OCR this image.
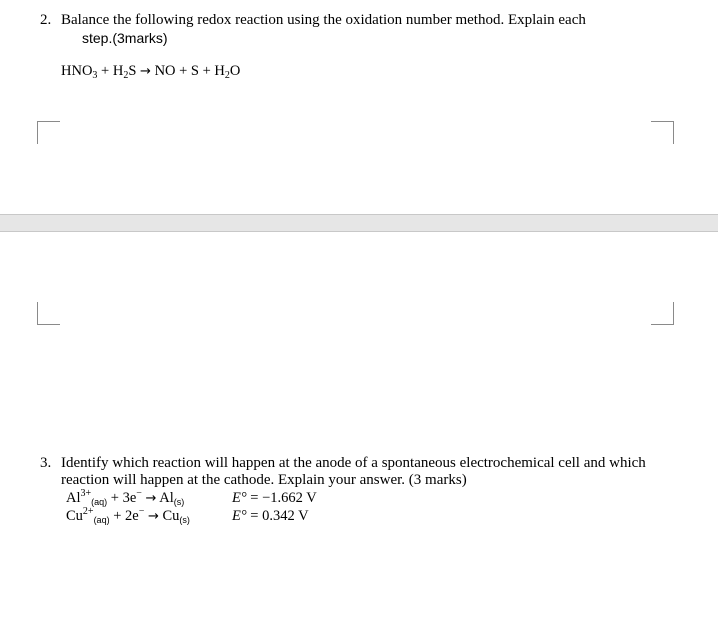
2. Balance the following redox reaction using the oxidation number method. Explain each
step.(3marks)
$HNO_3 + H_2S$ → NO + $S + H_2O$
3. Identify which reaction will happen at the anode of a spontaneous electrochemical cell and which
reaction will happen at the cathode. Explain your answer. (3 marks)
$Al^{3+}_{(aq)} + 3e^- \to Al_{(s)}$	E° = −1.662 V
$Cu^{2+}_{(aq)} + 2e^- \to Cu_{(s)}$	E° = 0.342 V
